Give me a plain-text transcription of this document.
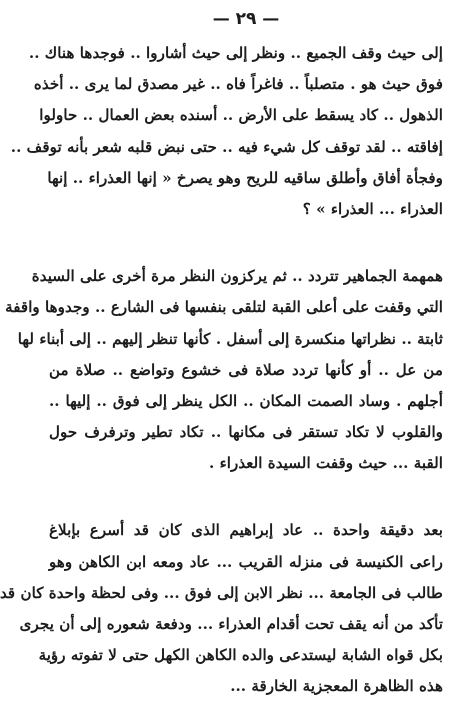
— ٢٩ —
إلى حيث وقف الجميع .. ونظر إلى حيث أشاروا .. فوجدها هناك ..
فوق حيث هو . متصلباً .. فاغراً فاه .. غير مصدق لما يرى .. أخذه
الذهول .. كاد يسقط على الأرض .. أسنده بعض العمال .. حاولوا
إفاقته .. لقد توقف كل شيء فيه .. حتى نبض قلبه شعر بأنه توقف ..
وفجأة أفاق وأطلق ساقيه للريح وهو يصرخ « إنها العذراء .. إنها
العذراء ... العذراء » ؟
همهمة الجماهير تتردد .. ثم يركزون النظر مرة أخرى على السيدة
التي وقفت على أعلى القبة لتلقى بنفسها فى الشارع .. وجدوها واقفة
ثابتة .. نظراتها منكسرة إلى أسفل . كأنها تنظر إليهم .. إلى أبناء لها
من عل .. أو كأنها تردد صلاة فى خشوع وتواضع .. صلاة من
أجلهم . وساد الصمت المكان .. الكل ينظر إلى فوق .. إليها ..
والقلوب لا تكاد تستقر فى مكانها .. تكاد تطير وترفرف حول
القبة ... حيث وقفت السيدة العذراء .
بعد دقيقة واحدة .. عاد إبراهيم الذى كان قد أسرع بإبلاغ
راعى الكنيسة فى منزله القريب ... عاد ومعه ابن الكاهن وهو
طالب فى الجامعة ... نظر الابن إلى فوق ... وفى لحظة واحدة كان قد
تأكد من أنه يقف تحت أقدام العذراء ... ودفعة شعوره إلى أن يجرى
بكل قواه الشابة ليستدعى والده الكاهن الكهل حتى لا تفوته رؤية
هذه الظاهرة المعجزية الخارقة ...
